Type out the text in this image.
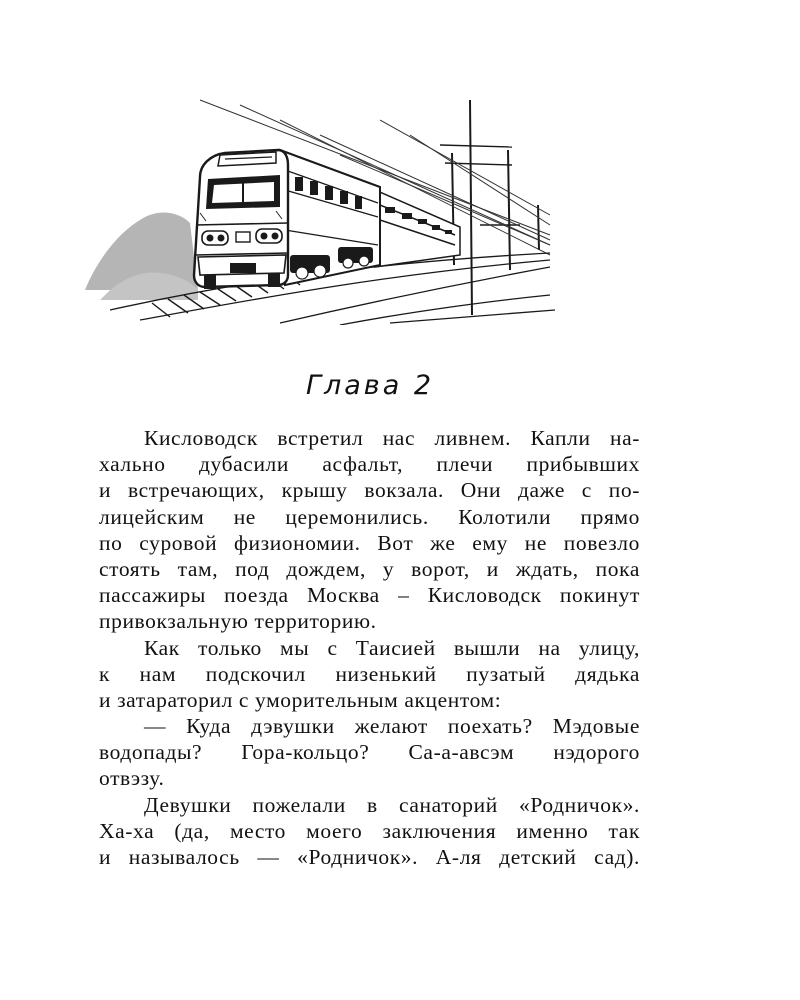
Глава 2
Кисловодск встретил нас ливнем. Капли на-
хально дубасили асфальт, плечи прибывших
и встречающих, крышу вокзала. Они даже с по-
лицейским не церемонились. Колотили прямо
по суровой физиономии. Вот же ему не повезло
стоять там, под дождем, у ворот, и ждать, пока
пассажиры поезда Москва – Кисловодск покинут
привокзальную территорию.
Как только мы с Таисией вышли на улицу,
к нам подскочил низенький пузатый дядька
и затараторил с уморительным акцентом:
— Куда дэвушки желают поехать? Мэдовые
водопады? Гора-кольцо? Са-а-авсэм нэдорого
отвэзу.
Девушки пожелали в санаторий «Родничок».
Ха-ха (да, место моего заключения именно так
и называлось — «Родничок». А-ля детский сад).
